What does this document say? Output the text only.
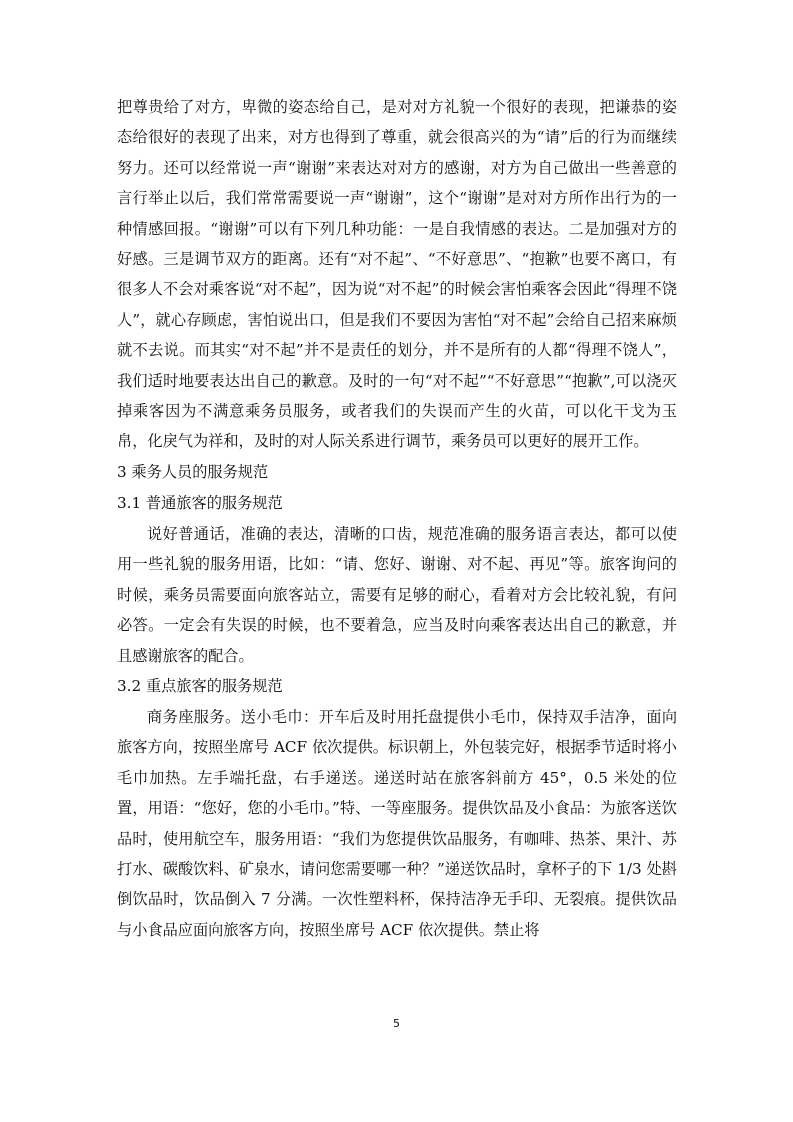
把尊贵给了对方，卑微的姿态给自己，是对对方礼貌一个很好的表现，把谦恭的姿态给很好的表现了出来，对方也得到了尊重，就会很高兴的为“请”后的行为而继续努力。还可以经常说一声“谢谢”来表达对对方的感谢，对方为自己做出一些善意的言行举止以后，我们常常需要说一声“谢谢”，这个“谢谢”是对对方所作出行为的一种情感回报。“谢谢”可以有下列几种功能：一是自我情感的表达。二是加强对方的好感。三是调节双方的距离。还有“对不起”、“不好意思”、“抱歉”也要不离口，有很多人不会对乘客说“对不起”，因为说“对不起”的时候会害怕乘客会因此“得理不饶人”，就心存顾虑，害怕说出口，但是我们不要因为害怕“对不起”会给自己招来麻烦就不去说。而其实“对不起”并不是责任的划分，并不是所有的人都“得理不饶人”，我们适时地要表达出自己的歉意。及时的一句“对不起”“不好意思”“抱歉”,可以浇灭掉乘客因为不满意乘务员服务，或者我们的失误而产生的火苗，可以化干戈为玉帛，化戾气为祥和，及时的对人际关系进行调节，乘务员可以更好的展开工作。

3 乘务人员的服务规范

3.1 普通旅客的服务规范

说好普通话，准确的表达，清晰的口齿，规范准确的服务语言表达，都可以使用一些礼貌的服务用语，比如：“请、您好、谢谢、对不起、再见”等。旅客询问的时候，乘务员需要面向旅客站立，需要有足够的耐心，看着对方会比较礼貌，有问必答。一定会有失误的时候，也不要着急，应当及时向乘客表达出自己的歉意，并且感谢旅客的配合。

3.2 重点旅客的服务规范

商务座服务。送小毛巾：开车后及时用托盘提供小毛巾，保持双手洁净，面向旅客方向，按照坐席号 ACF 依次提供。标识朝上，外包装完好，根据季节适时将小毛巾加热。左手端托盘，右手递送。递送时站在旅客斜前方 45°，0.5 米处的位置，用语：“您好，您的小毛巾。”特、一等座服务。提供饮品及小食品：为旅客送饮品时，使用航空车，服务用语：“我们为您提供饮品服务，有咖啡、热茶、果汁、苏打水、碳酸饮料、矿泉水，请问您需要哪一种？”递送饮品时，拿杯子的下 1/3 处斟倒饮品时，饮品倒入 7 分满。一次性塑料杯，保持洁净无手印、无裂痕。提供饮品与小食品应面向旅客方向，按照坐席号 ACF 依次提供。禁止将

5
